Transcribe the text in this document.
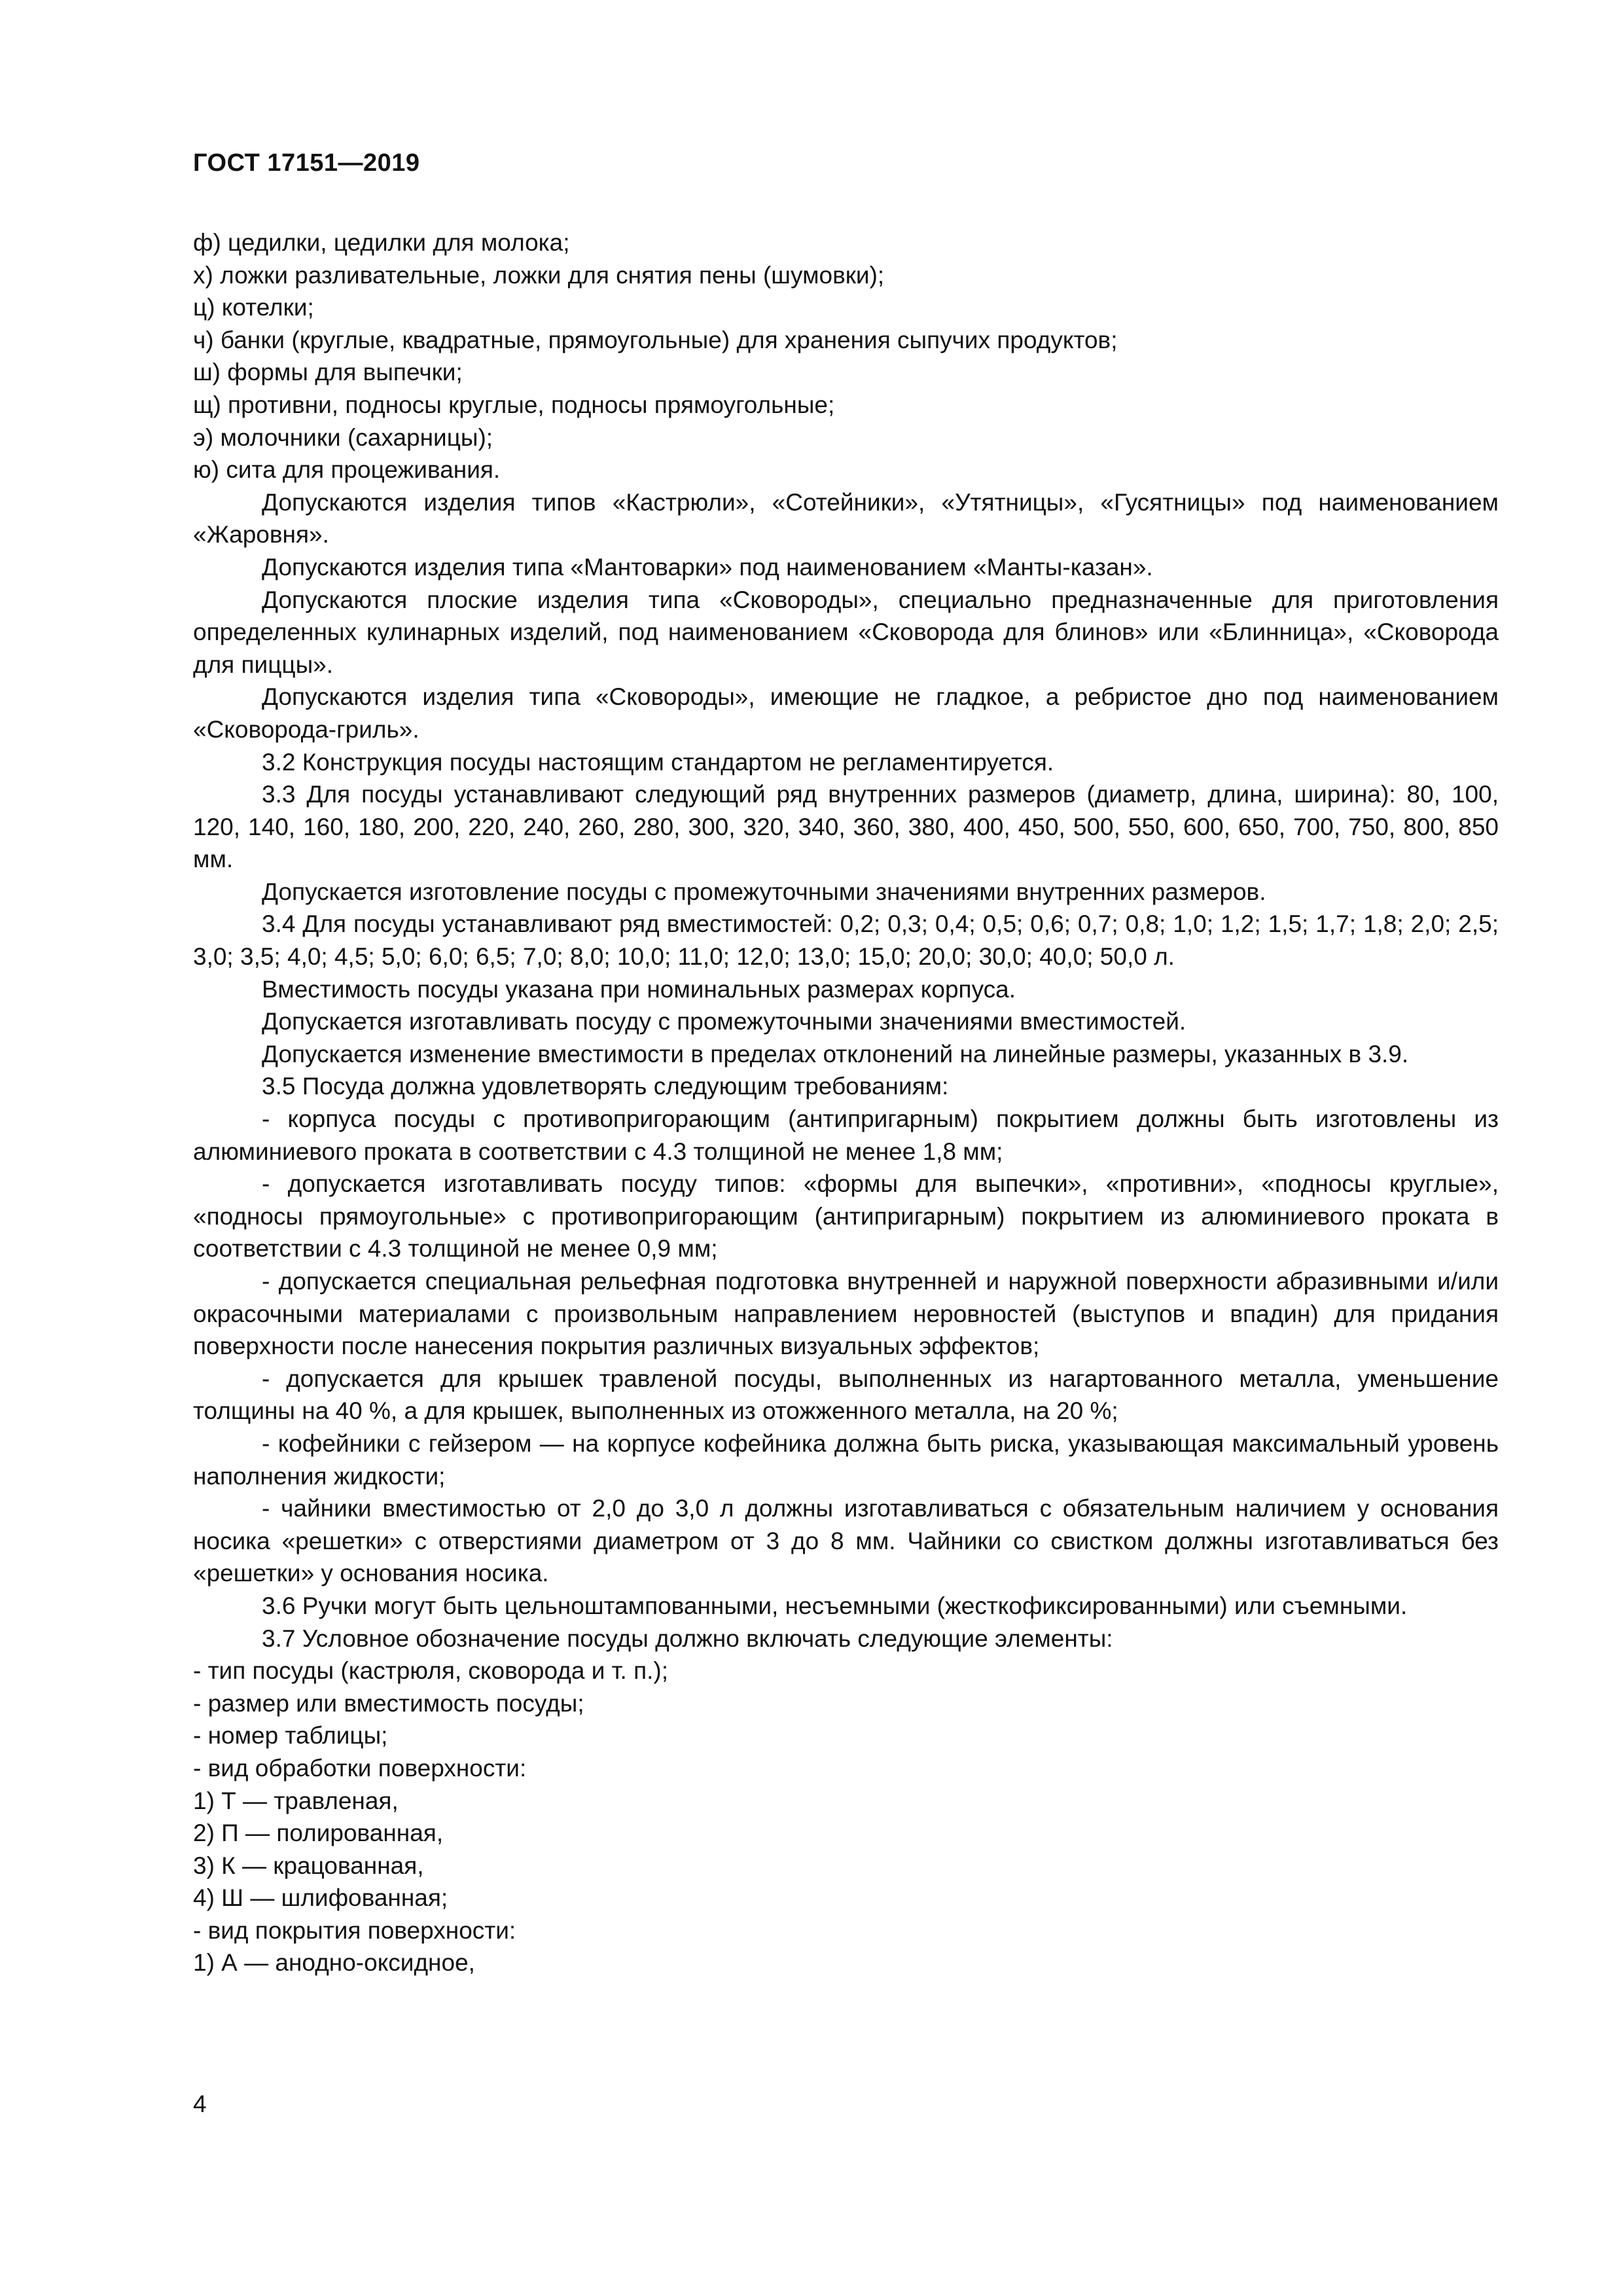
ГОСТ 17151—2019

ф) цедилки, цедилки для молока;

х) ложки разливательные, ложки для снятия пены (шумовки);

ц) котелки;

ч) банки (круглые, квадратные, прямоугольные) для хранения сыпучих продуктов;

ш) формы для выпечки;

щ) противни, подносы круглые, подносы прямоугольные;

э) молочники (сахарницы);

ю) сита для процеживания.

Допускаются изделия типов «Кастрюли», «Сотейники», «Утятницы», «Гусятницы» под наименованием «Жаровня».

Допускаются изделия типа «Мантоварки» под наименованием «Манты-казан».

Допускаются плоские изделия типа «Сковороды», специально предназначенные для приготовления определенных кулинарных изделий, под наименованием «Сковорода для блинов» или «Блинница», «Сковорода для пиццы».

Допускаются изделия типа «Сковороды», имеющие не гладкое, а ребристое дно под наименованием «Сковорода-гриль».

3.2 Конструкция посуды настоящим стандартом не регламентируется.

3.3 Для посуды устанавливают следующий ряд внутренних размеров (диаметр, длина, ширина): 80, 100, 120, 140, 160, 180, 200, 220, 240, 260, 280, 300, 320, 340, 360, 380, 400, 450, 500, 550, 600, 650, 700, 750, 800, 850 мм.

Допускается изготовление посуды с промежуточными значениями внутренних размеров.

3.4 Для посуды устанавливают ряд вместимостей: 0,2; 0,3; 0,4; 0,5; 0,6; 0,7; 0,8; 1,0; 1,2; 1,5; 1,7; 1,8; 2,0; 2,5; 3,0; 3,5; 4,0; 4,5; 5,0; 6,0; 6,5; 7,0; 8,0; 10,0; 11,0; 12,0; 13,0; 15,0; 20,0; 30,0; 40,0; 50,0 л.

Вместимость посуды указана при номинальных размерах корпуса.

Допускается изготавливать посуду с промежуточными значениями вместимостей.

Допускается изменение вместимости в пределах отклонений на линейные размеры, указанных в 3.9.

3.5 Посуда должна удовлетворять следующим требованиям:

- корпуса посуды с противопригорающим (антипригарным) покрытием должны быть изготовлены из алюминиевого проката в соответствии с 4.3 толщиной не менее 1,8 мм;

- допускается изготавливать посуду типов: «формы для выпечки», «противни», «подносы круглые», «подносы прямоугольные» с противопригорающим (антипригарным) покрытием из алюминиевого проката в соответствии с 4.3 толщиной не менее 0,9 мм;

- допускается специальная рельефная подготовка внутренней и наружной поверхности абразивными и/или окрасочными материалами с произвольным направлением неровностей (выступов и впадин) для придания поверхности после нанесения покрытия различных визуальных эффектов;

- допускается для крышек травленой посуды, выполненных из нагартованного металла, уменьшение толщины на 40 %, а для крышек, выполненных из отожженного металла, на 20 %;

- кофейники с гейзером — на корпусе кофейника должна быть риска, указывающая максимальный уровень наполнения жидкости;

- чайники вместимостью от 2,0 до 3,0 л должны изготавливаться с обязательным наличием у основания носика «решетки» с отверстиями диаметром от 3 до 8 мм. Чайники со свистком должны изготавливаться без «решетки» у основания носика.

3.6 Ручки могут быть цельноштампованными, несъемными (жесткофиксированными) или съемными.

3.7 Условное обозначение посуды должно включать следующие элементы:

- тип посуды (кастрюля, сковорода и т. п.);

- размер или вместимость посуды;

- номер таблицы;

- вид обработки поверхности:

1) Т — травленая,

2) П — полированная,

3) К — крацованная,

4) Ш — шлифованная;

- вид покрытия поверхности:

1) А — анодно-оксидное,

4
